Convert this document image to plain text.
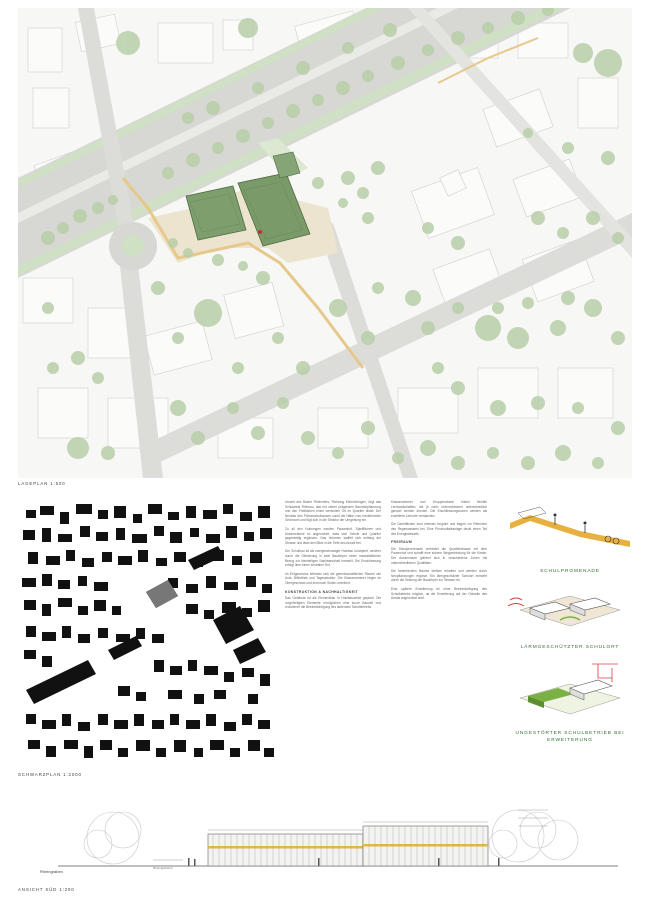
LAGEPLAN 1:500
SCHWARZPLAN 1:2000

Unweit des Basler Rheinufers, Richtung Kleinhüningen, liegt das Schulareal Rheinau, das mit seiner prägenden Baumbepflanzung und den Freiflächen einen wertvollen Ort im Quartier bildet. Der Neubau des Primarschulhauses sucht die Nähe zum bestehenden Grünraum und fügt sich in die Struktur der Umgebung ein.

Zu all den Nutzungen werden Pausenhof, Spielflächen und Aussenräume so angeordnet, dass sich Schule und Quartier gegenseitig ergänzen. Das Volumen staffelt sich entlang der Strasse und lässt den Blick in die Tiefe des Areals frei.

Der Schulbau ist als zweigeschossiger Holzbau konzipiert, welcher durch die Gliederung in zwei Baukörper einen massstäblichen Bezug zur kleinteiligen Nachbarschaft herstellt. Die Erschliessung erfolgt über einen zentralen Hof.

Im Erdgeschoss befinden sich die gemeinschaftlichen Räume wie Aula, Bibliothek und Tagesstruktur. Die Klassenzimmer liegen im Obergeschoss und sind nach Süden orientiert.

KONSTRUKTION & NACHHALTIGKEIT

Das Gebäude ist als Elementbau in Holzbauweise geplant. Die vorgefertigten Elemente ermöglichen eine kurze Bauzeit und reduzieren die Beeinträchtigung des laufenden Schulbetriebs.

Klassenzimmer und Gruppenräume bilden flexible Lernlandschaften, die je nach Unterrichtsform unterschiedlich genutzt werden können. Die Erschliessungszonen werden als erweiterte Lernorte verstanden.

Die Dachflächen sind extensiv begrünt und tragen zur Retention des Regenwassers bei. Eine Photovoltaikanlage deckt einen Teil des Energiebedarfs.

FREIRAUM

Die Schulpromenade verbindet die Quartierstrasse mit dem Pausenhof und schafft eine sichere Wegverbindung für die Kinder. Der Aussenraum gliedert sich in verschiedene Zonen mit unterschiedlichen Qualitäten.

Die bestehenden Bäume bleiben erhalten und werden durch Neupflanzungen ergänzt. Ein lärmgeschützter Schulort entsteht durch die Setzung der Baukörper zur Strasse hin.

Eine spätere Erweiterung ist ohne Beeinträchtigung des Schulbetriebs möglich, da die Erweiterung auf der Ostseite des Areals angeordnet wird.

SCHULPROMENADE
LÄRMGESCHÜTZTER SCHULORT
UNGESTÖRTER SCHULBETRIEB BEI ERWEITERUNG
Rheingraben
Rheingrabenst.
ANSICHT SÜD 1:200
